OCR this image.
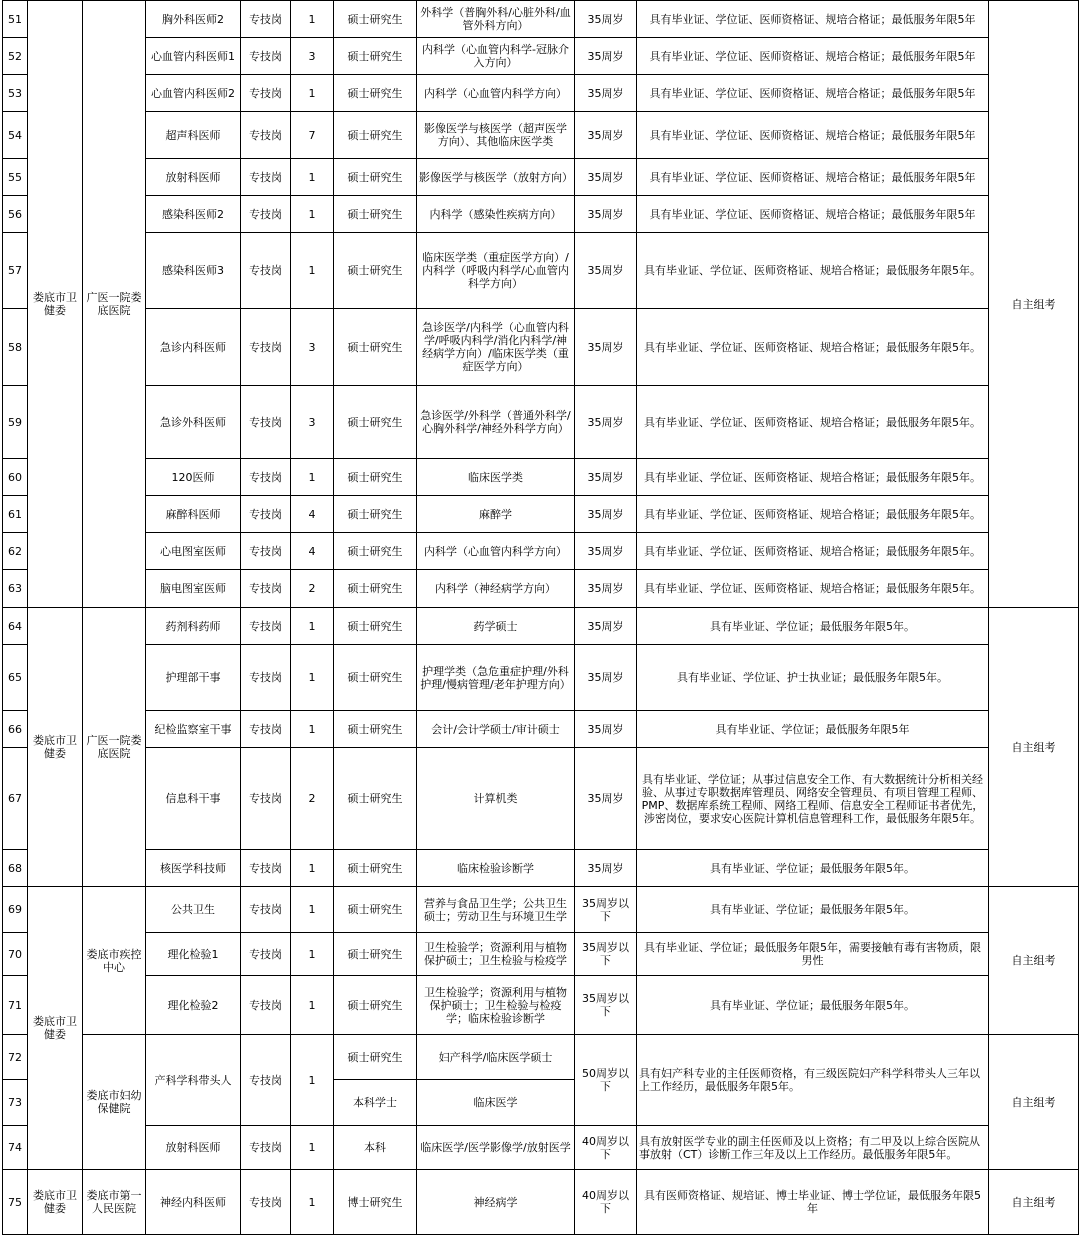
51	娄底市卫健委	广医一院娄底医院	胸外科医师2	专技岗	1	硕士研究生	外科学（普胸外科/心脏外科/血管外科方向）	35周岁	具有毕业证、学位证、医师资格证、规培合格证；最低服务年限5年	自主组考
52			心血管内科医师1	专技岗	3	硕士研究生	内科学（心血管内科学-冠脉介入方向）	35周岁	具有毕业证、学位证、医师资格证、规培合格证；最低服务年限5年	
53			心血管内科医师2	专技岗	1	硕士研究生	内科学（心血管内科学方向）	35周岁	具有毕业证、学位证、医师资格证、规培合格证；最低服务年限5年	
54			超声科医师	专技岗	7	硕士研究生	影像医学与核医学（超声医学方向）、其他临床医学类	35周岁	具有毕业证、学位证、医师资格证、规培合格证；最低服务年限5年	
55			放射科医师	专技岗	1	硕士研究生	影像医学与核医学（放射方向）	35周岁	具有毕业证、学位证、医师资格证、规培合格证；最低服务年限5年	
56			感染科医师2	专技岗	1	硕士研究生	内科学（感染性疾病方向）	35周岁	具有毕业证、学位证、医师资格证、规培合格证；最低服务年限5年	
57			感染科医师3	专技岗	1	硕士研究生	临床医学类（重症医学方向）/内科学（呼吸内科学/心血管内科学方向）	35周岁	具有毕业证、学位证、医师资格证、规培合格证；最低服务年限5年。	
58			急诊内科医师	专技岗	3	硕士研究生	急诊医学/内科学（心血管内科学/呼吸内科学/消化内科学/神经病学方向）/临床医学类（重症医学方向）	35周岁	具有毕业证、学位证、医师资格证、规培合格证；最低服务年限5年。	
59			急诊外科医师	专技岗	3	硕士研究生	急诊医学/外科学（普通外科学/心胸外科学/神经外科学方向）	35周岁	具有毕业证、学位证、医师资格证、规培合格证；最低服务年限5年。	
60			120医师	专技岗	1	硕士研究生	临床医学类	35周岁	具有毕业证、学位证、医师资格证、规培合格证；最低服务年限5年。	
61			麻醉科医师	专技岗	4	硕士研究生	麻醉学	35周岁	具有毕业证、学位证、医师资格证、规培合格证；最低服务年限5年。	
62			心电图室医师	专技岗	4	硕士研究生	内科学（心血管内科学方向）	35周岁	具有毕业证、学位证、医师资格证、规培合格证；最低服务年限5年。	
63			脑电图室医师	专技岗	2	硕士研究生	内科学（神经病学方向）	35周岁	具有毕业证、学位证、医师资格证、规培合格证；最低服务年限5年。	
64	娄底市卫健委	广医一院娄底医院	药剂科药师	专技岗	1	硕士研究生	药学硕士	35周岁	具有毕业证、学位证；最低服务年限5年。	自主组考
65			护理部干事	专技岗	1	硕士研究生	护理学类（急危重症护理/外科护理/慢病管理/老年护理方向）	35周岁	具有毕业证、学位证、护士执业证；最低服务年限5年。	
66			纪检监察室干事	专技岗	1	硕士研究生	会计/会计学硕士/审计硕士	35周岁	具有毕业证、学位证；最低服务年限5年	
67			信息科干事	专技岗	2	硕士研究生	计算机类	35周岁	具有毕业证、学位证；从事过信息安全工作、有大数据统计分析相关经验、从事过专职数据库管理员、网络安全管理员、有项目管理工程师、PMP、数据库系统工程师、网络工程师、信息安全工程师证书者优先，涉密岗位，要求安心医院计算机信息管理科工作，最低服务年限5年。	
68			核医学科技师	专技岗	1	硕士研究生	临床检验诊断学	35周岁	具有毕业证、学位证；最低服务年限5年。	
69	娄底市卫健委	娄底市疾控中心	公共卫生	专技岗	1	硕士研究生	营养与食品卫生学；公共卫生硕士；劳动卫生与环境卫生学	35周岁以下	具有毕业证、学位证；最低服务年限5年。	自主组考
70			理化检验1	专技岗	1	硕士研究生	卫生检验学；资源利用与植物保护硕士；卫生检验与检疫学	35周岁以下	具有毕业证、学位证；最低服务年限5年，需要接触有毒有害物质，限男性	
71			理化检验2	专技岗	1	硕士研究生	卫生检验学；资源利用与植物保护硕士；卫生检验与检疫学；临床检验诊断学	35周岁以下	具有毕业证、学位证；最低服务年限5年。	
72		娄底市妇幼保健院	产科学科带头人	专技岗	1	硕士研究生	妇产科学/临床医学硕士	50周岁以下	具有妇产科专业的主任医师资格，有三级医院妇产科学科带头人三年以上工作经历，最低服务年限5年。	自主组考
73						本科学士	临床医学			
74			放射科医师	专技岗	1	本科	临床医学/医学影像学/放射医学	40周岁以下	具有放射医学专业的副主任医师及以上资格；有二甲及以上综合医院从事放射（CT）诊断工作三年及以上工作经历。最低服务年限5年。	
75	娄底市卫健委	娄底市第一人民医院	神经内科医师	专技岗	1	博士研究生	神经病学	40周岁以下	具有医师资格证、规培证、博士毕业证、博士学位证，最低服务年限5年	自主组考
